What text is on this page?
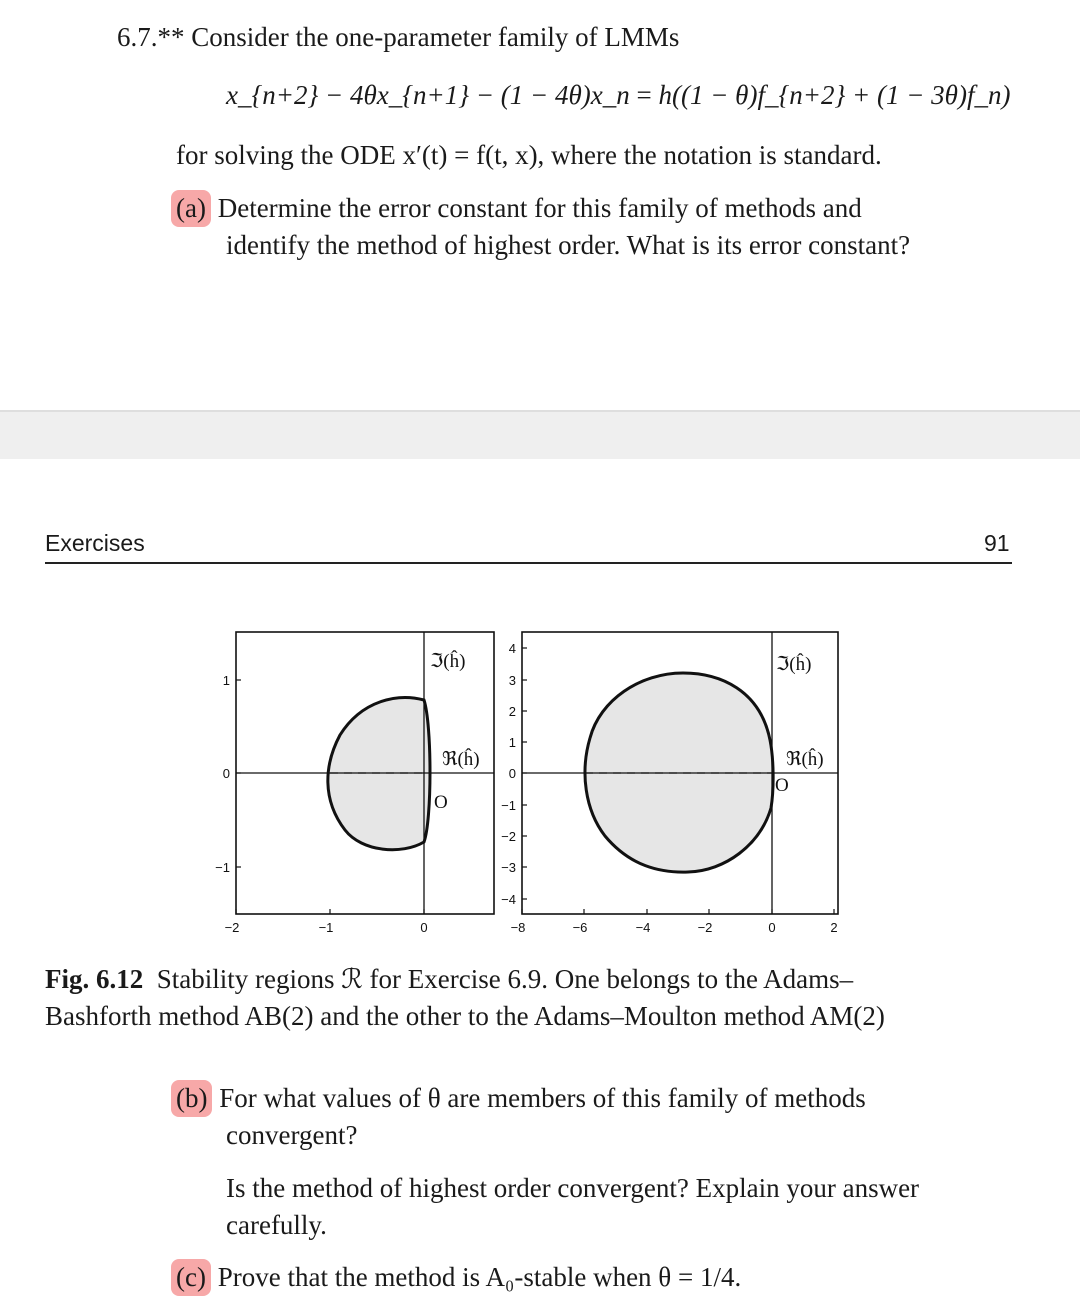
6.7.** Consider the one-parameter family of LMMs
x_{n+2} − 4θx_{n+1} − (1 − 4θ)x_n = h((1 − θ)f_{n+2} + (1 − 3θ)f_n)
for solving the ODE x′(t) = f(t, x), where the notation is standard.
(a) Determine the error constant for this family of methods and
identify the method of highest order. What is its error constant?
Exercises	91
1
0
−1
−2	−1	0
ℑ(ĥ)
ℜ(ĥ)
O
4
3
2
1
0
−1
−2
−3
−4
−8	−6	−4	−2	0	2
ℑ(ĥ)
ℜ(ĥ)
O
Fig. 6.12 Stability regions ℛ for Exercise 6.9. One belongs to the Adams–
Bashforth method AB(2) and the other to the Adams–Moulton method AM(2)
(b) For what values of θ are members of this family of methods
convergent?
Is the method of highest order convergent? Explain your answer
carefully.
(c) Prove that the method is A₀-stable when θ = 1/4.
